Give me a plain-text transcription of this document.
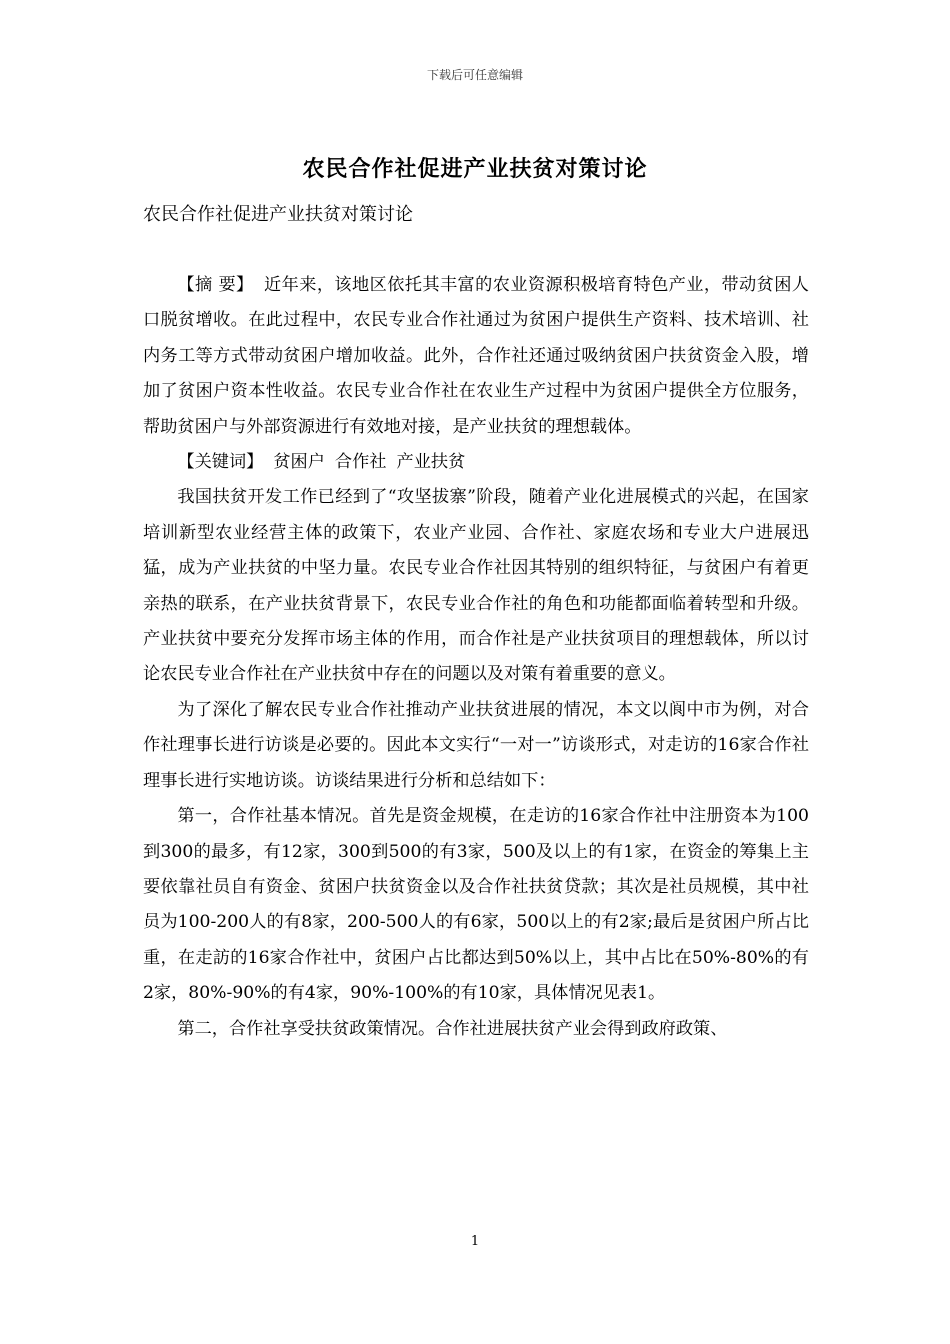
下载后可任意编辑
农民合作社促进产业扶贫对策讨论
农民合作社促进产业扶贫对策讨论

【摘 要】 近年来，该地区依托其丰富的农业资源积极培育特色产业，带动贫困人口脱贫增收。在此过程中，农民专业合作社通过为贫困户提供生产资料、技术培训、社内务工等方式带动贫困户增加收益。此外，合作社还通过吸纳贫困户扶贫资金入股，增加了贫困户资本性收益。农民专业合作社在农业生产过程中为贫困户提供全方位服务，帮助贫困户与外部资源进行有效地对接，是产业扶贫的理想载体。

【关键词】 贫困户 合作社 产业扶贫

我国扶贫开发工作已经到了“攻坚拔寨”阶段，随着产业化进展模式的兴起，在国家培训新型农业经营主体的政策下，农业产业园、合作社、家庭农场和专业大户进展迅猛，成为产业扶贫的中坚力量。农民专业合作社因其特别的组织特征，与贫困户有着更亲热的联系，在产业扶贫背景下，农民专业合作社的角色和功能都面临着转型和升级。产业扶贫中要充分发挥市场主体的作用，而合作社是产业扶贫项目的理想载体，所以讨论农民专业合作社在产业扶贫中存在的问题以及对策有着重要的意义。

为了深化了解农民专业合作社推动产业扶贫进展的情况，本文以阆中市为例，对合作社理事长进行访谈是必要的。因此本文实行“一对一”访谈形式，对走访的16家合作社理事长进行实地访谈。访谈结果进行分析和总结如下：

第一，合作社基本情况。首先是资金规模，在走访的16家合作社中注册资本为100到300的最多，有12家，300到500的有3家，500及以上的有1家，在资金的筹集上主要依靠社员自有资金、贫困户扶贫资金以及合作社扶贫贷款；其次是社员规模，其中社员为100-200人的有8家，200-500人的有6家，500以上的有2家;最后是贫困户所占比重，在走訪的16家合作社中，贫困户占比都达到50%以上，其中占比在50%-80%的有2家，80%-90%的有4家，90%-100%的有10家，具体情况见表1。

第二，合作社享受扶贫政策情况。合作社进展扶贫产业会得到政府政策、

1
